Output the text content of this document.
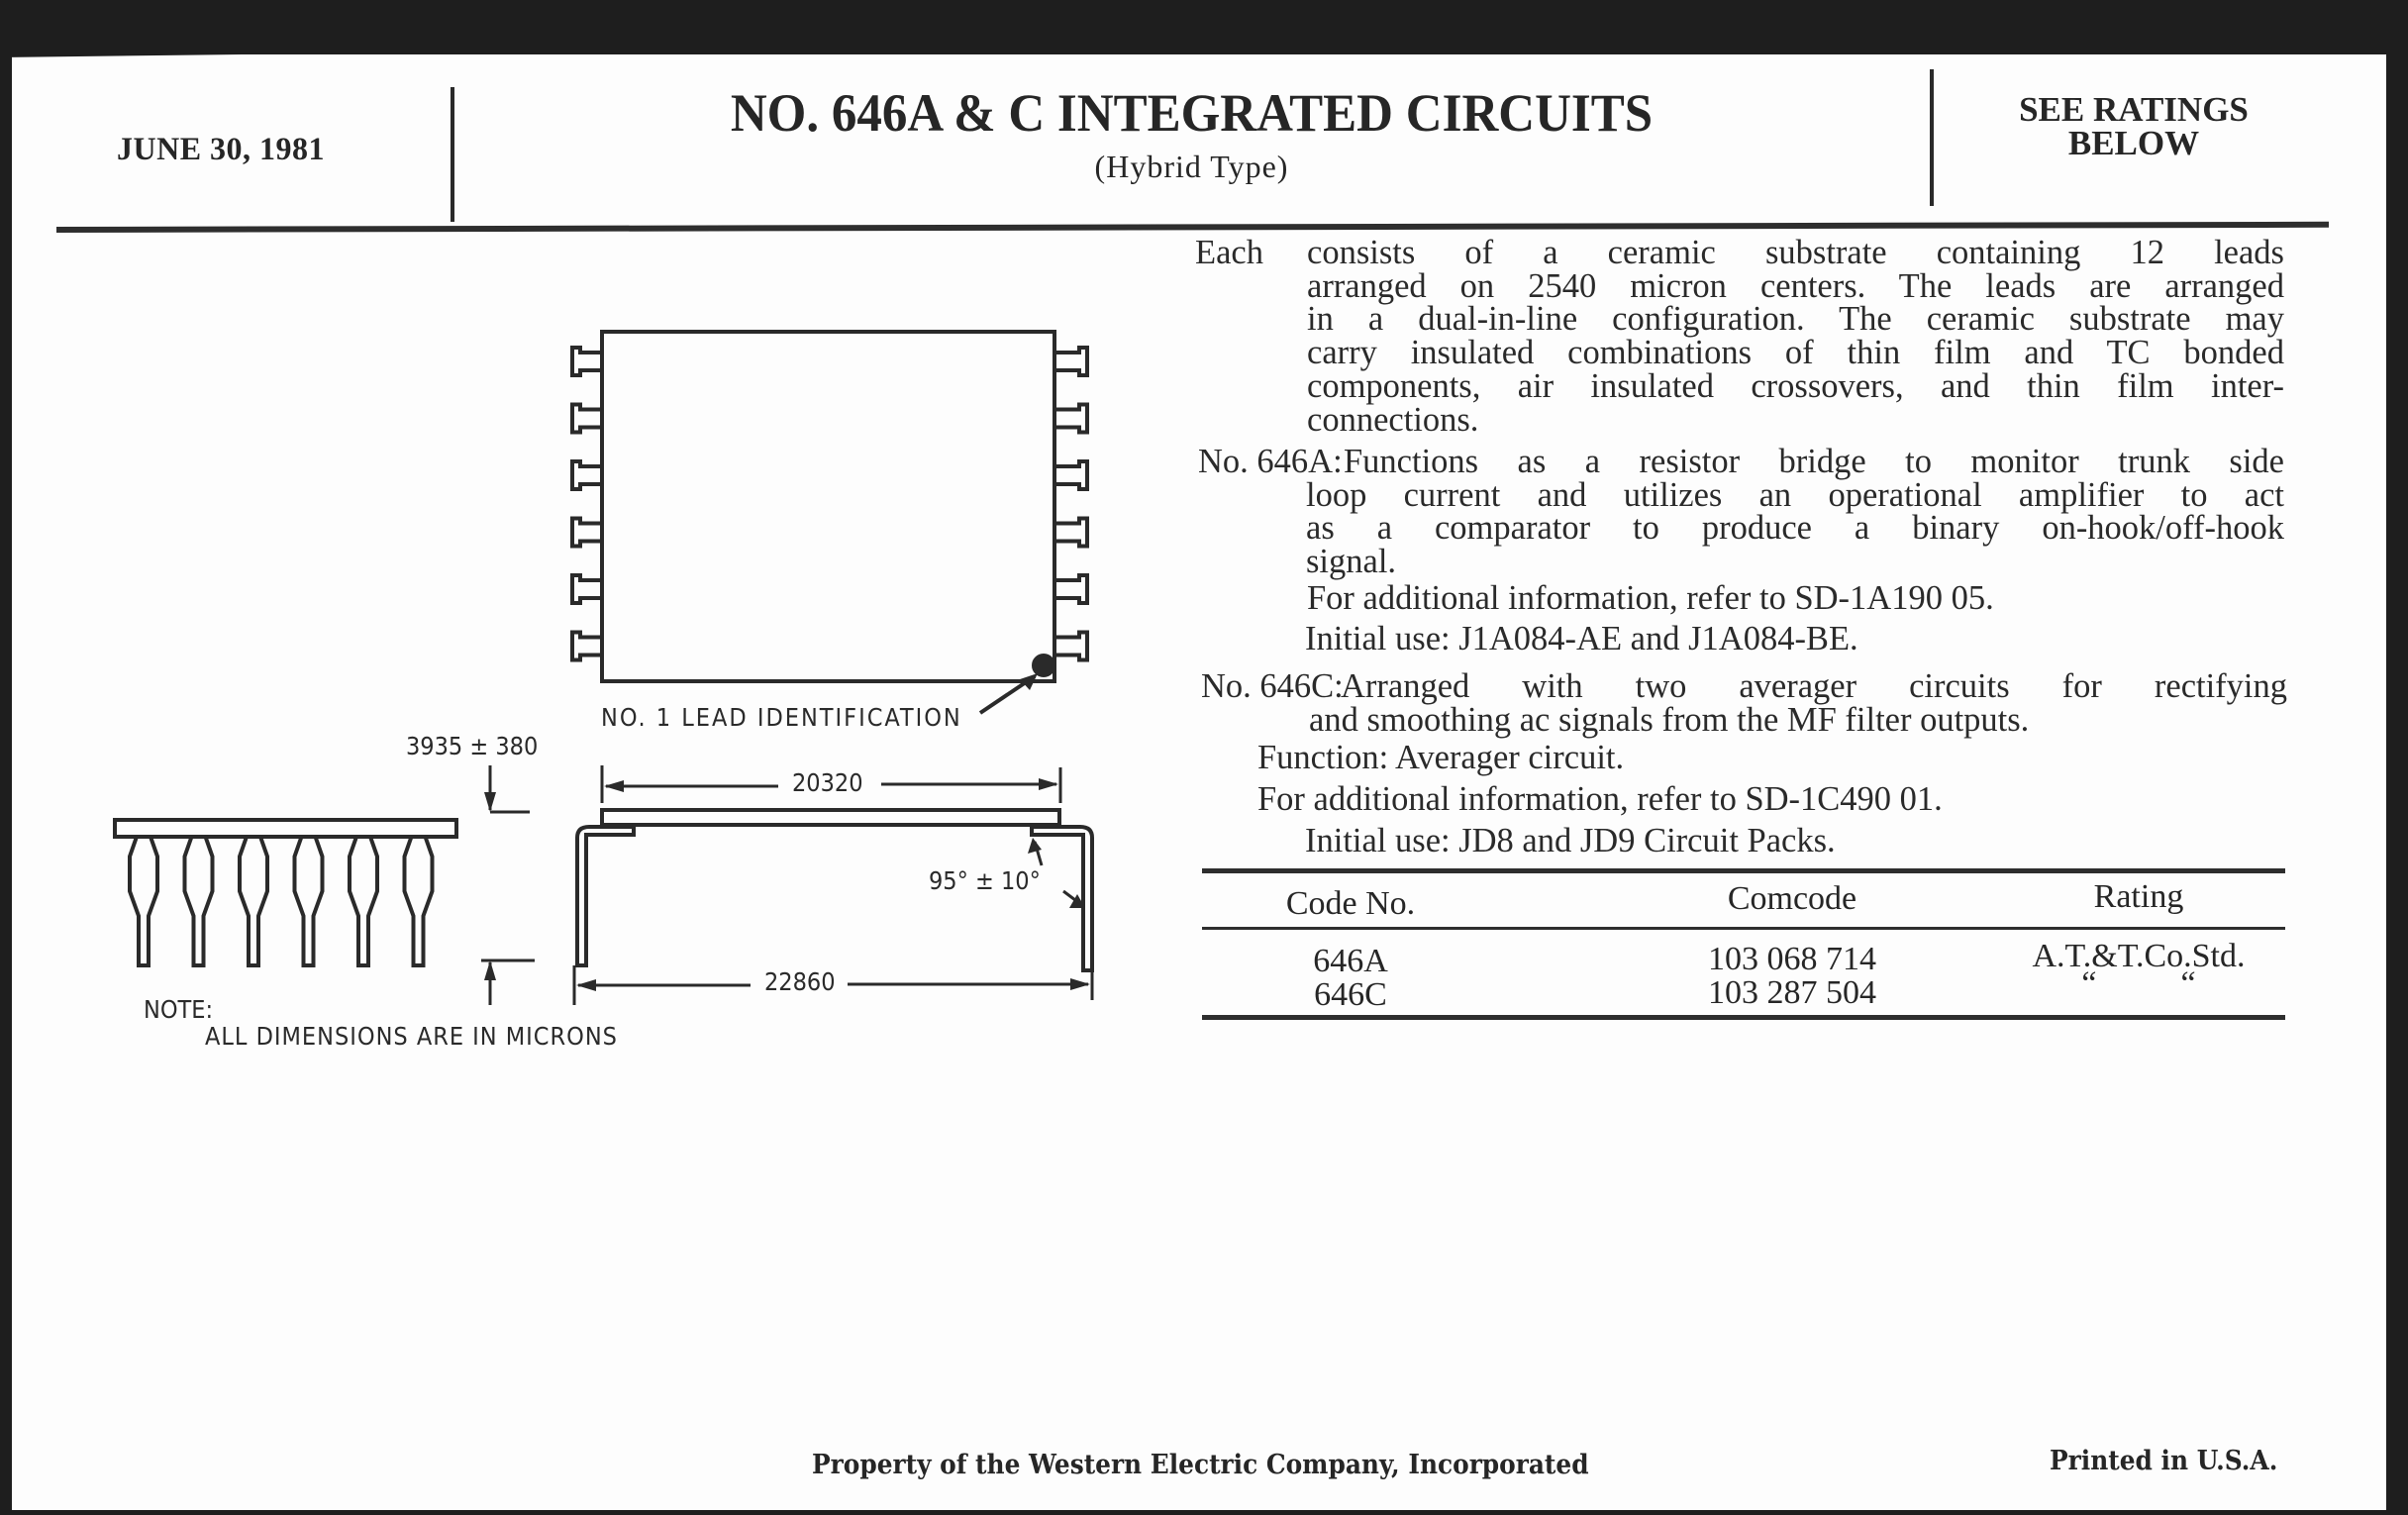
JUNE 30, 1981
NO. 646A & C INTEGRATED CIRCUITS
(Hybrid Type)
SEE RATINGS
BELOW
NO. 1 LEAD IDENTIFICATION
3935 ± 380
20320
22860
95° ± 10°
NOTE:
ALL DIMENSIONS ARE IN MICRONS
Each consists of a ceramic substrate containing 12 leads
arranged on 2540 micron centers. The leads are arranged
in a dual-in-line configuration. The ceramic substrate may
carry insulated combinations of thin film and TC bonded
components, air insulated crossovers, and thin film inter-
connections.
No. 646A: Functions as a resistor bridge to monitor trunk side
loop current and utilizes an operational amplifier to act
as a comparator to produce a binary on-hook/off-hook
signal.
For additional information, refer to SD-1A190 05.
Initial use: J1A084-AE and J1A084-BE.
No. 646C:
Arranged with two averager circuits for rectifying
and smoothing ac signals from the MF filter outputs.
Function: Averager circuit.
For additional information, refer to SD-1C490 01.
Initial use: JD8 and JD9 Circuit Packs.
Code No.	Comcode	Rating
646A	103 068 714	A.T.&T.Co.Std.
646C	103 287 504	“          “
Property of the Western Electric Company, Incorporated	Printed in U.S.A.
